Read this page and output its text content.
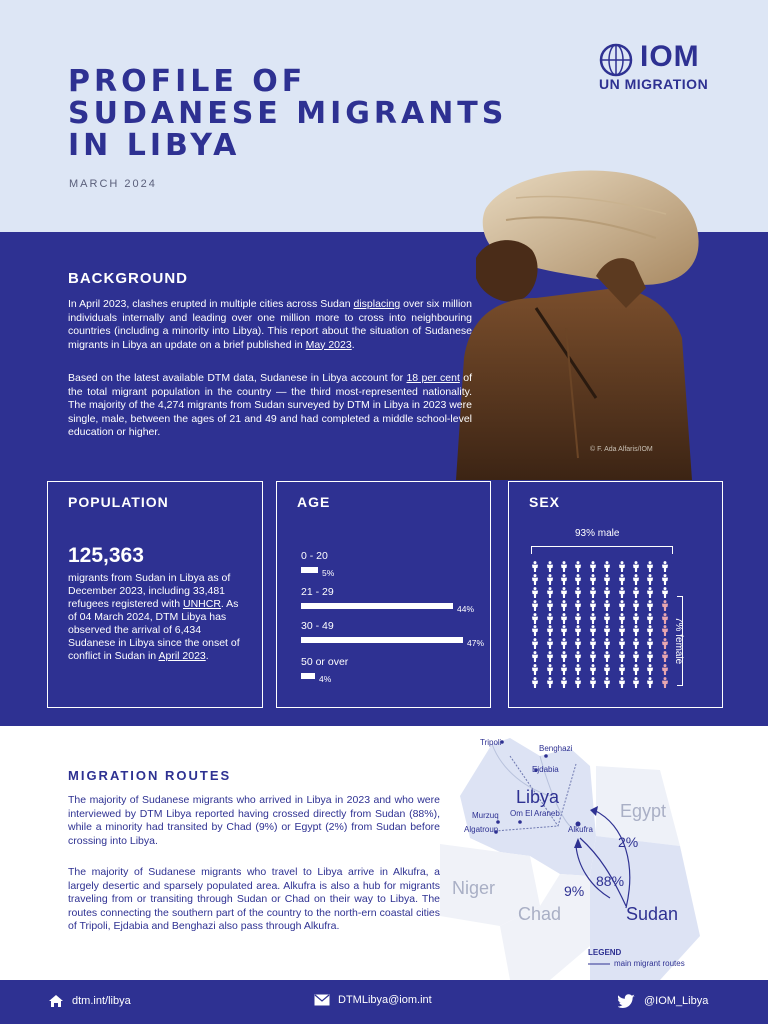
PROFILE OF
SUDANESE MIGRANTS
IN LIBYA
MARCH 2024
IOM
UN MIGRATION
© F. Ada Alfaris/IOM
BACKGROUND

In April 2023, clashes erupted in multiple cities across Sudan displacing over six million individuals internally and leading over one million more to cross into neighbouring countries (including a minority into Libya). This report about the situation of Sudanese migrants in Libya an update on a brief published in May 2023.

Based on the latest available DTM data, Sudanese in Libya account for 18 per cent of the total migrant population in the country — the third most-represented nationality. The majority of the 4,274 migrants from Sudan surveyed by DTM in Libya in 2023 were single, male, between the ages of 21 and 49 and had completed a middle school-level education or higher.

POPULATION
125,363

migrants from Sudan in Libya as of December 2023, including 33,481 refugees registered with UNHCR. As of 04 March 2024, DTM Libya has observed the arrival of 6,434 Sudanese in Libya since the onset of conflict in Sudan in April 2023.

AGE
0 - 20
5%
21 - 29
44%
30 - 49
47%
50 or over
4%
SEX
93% male
7% female
Tripoli
Benghazi
Ejdabia
Murzuq Om El Araneb
Algatroun	Alkufra
Libya
Egypt
Niger
Chad	Sudan
2%
88%
9%
LEGEND
main migrant routes
MIGRATION ROUTES

The majority of Sudanese migrants who arrived in Libya in 2023 and who were interviewed by DTM Libya reported having crossed directly from Sudan (88%), while a minority had transited by Chad (9%) or Egypt (2%) from Sudan before crossing into Libya.

The majority of Sudanese migrants who travel to Libya arrive in Alkufra, a largely desertic and sparsely populated area. Alkufra is also a hub for migrants traveling from or transiting through Sudan or Chad on their way to Libya. The routes connecting the southern part of the country to the north-ern coastal cities of Tripoli, Ejdabia and Benghazi also pass through Alkufra.

dtm.int/libya	DTMLibya@iom.int	@IOM_Libya
